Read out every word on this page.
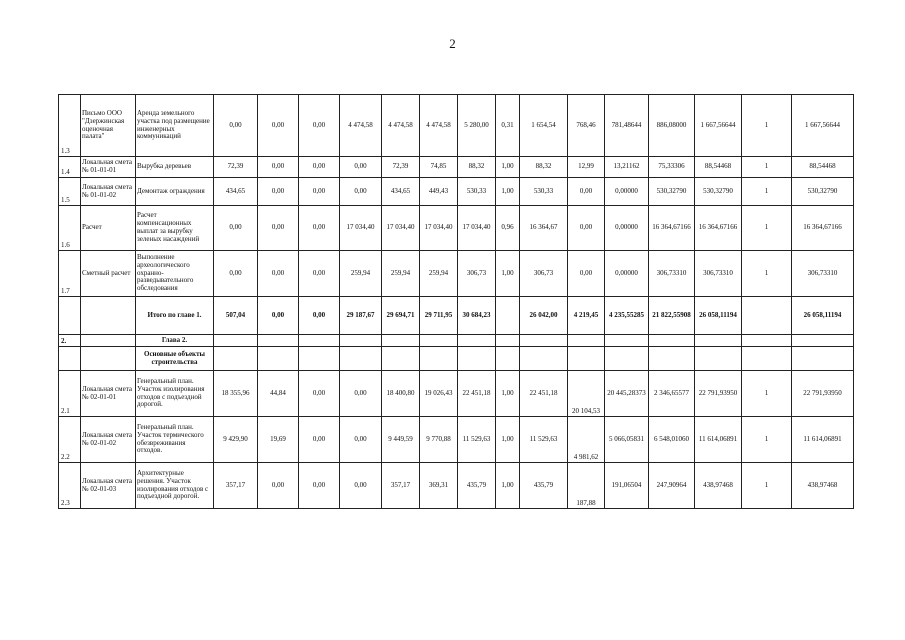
2
1.3	Письмо ООО "Дзержинская оценочная палата"	Аренда земельного участка под размещение инженерных коммуникаций	0,00	0,00	0,00	4 474,58	4 474,58	4 474,58	5 280,00	0,31	1 654,54	768,46	781,48644	886,08000	1 667,56644	1	1 667,56644
1.4	Локальная смета № 01-01-01	Вырубка деревьев	72,39	0,00	0,00	0,00	72,39	74,85	88,32	1,00	88,32	12,99	13,21162	75,33306	88,54468	1	88,54468
1.5	Локальная смета № 01-01-02	Демонтаж ограждения	434,65	0,00	0,00	0,00	434,65	449,43	530,33	1,00	530,33	0,00	0,00000	530,32790	530,32790	1	530,32790
1.6	Расчет	Расчет компенсационных выплат за вырубку зеленых насаждений	0,00	0,00	0,00	17 034,40	17 034,40	17 034,40	17 034,40	0,96	16 364,67	0,00	0,00000	16 364,67166	16 364,67166	1	16 364,67166
1.7	Сметный расчет	Выполнение археологического охранно-разведывательного обследования	0,00	0,00	0,00	259,94	259,94	259,94	306,73	1,00	306,73	0,00	0,00000	306,73310	306,73310	1	306,73310
		Итого по главе 1.	507,04	0,00	0,00	29 187,67	29 694,71	29 711,95	30 684,23		26 042,00	4 219,45	4 235,55285	21 822,55908	26 058,11194		26 058,11194
2.		Глава 2.															
		Основные объекты строительства															
2.1	Локальная смета № 02-01-01	Генеральный план. Участок изолирования отходов с подъездной дорогой.	18 355,96	44,84	0,00	0,00	18 400,80	19 026,43	22 451,18	1,00	22 451,18	20 104,53	20 445,28373	2 346,65577	22 791,93950	1	22 791,93950
2.2	Локальная смета № 02-01-02	Генеральный план. Участок термического обезвреживания отходов.	9 429,90	19,69	0,00	0,00	9 449,59	9 770,88	11 529,63	1,00	11 529,63	4 981,62	5 066,05831	6 548,01060	11 614,06891	1	11 614,06891
2.3	Локальная смета № 02-01-03	Архитектурные решения. Участок изолирования отходов с подъездной дорогой.	357,17	0,00	0,00	0,00	357,17	369,31	435,79	1,00	435,79	187,88	191,06504	247,90964	438,97468	1	438,97468
